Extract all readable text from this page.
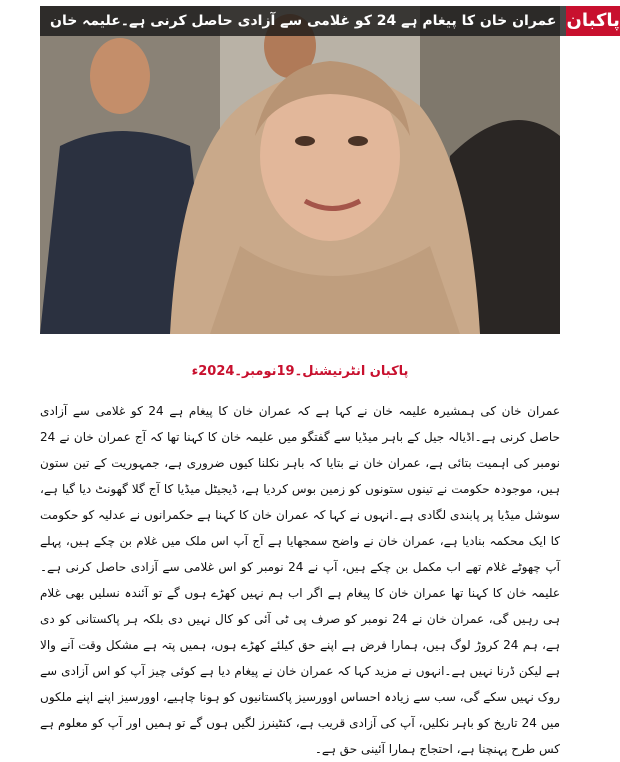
عمران خان کا پیغام ہے 24 کو غلامی سے آزادی حاصل کرنی ہے۔علیمہ خان پاکبان
پاکبان انٹرنیشنل۔19نومبر۔2024ء
عمران خان کی ہمشیرہ علیمہ خان نے کہا ہے کہ عمران خان کا پیغام ہے 24 کو غلامی سے آزادی حاصل کرنی ہے۔اڈیالہ جیل کے باہر میڈیا سے گفتگو میں علیمہ خان کا کہنا تھا کہ آج عمران خان نے 24 نومبر کی اہمیت بتائی ہے، عمران خان نے بتایا کہ باہر نکلنا کیوں ضروری ہے، جمہوریت کے تین ستون ہیں، موجودہ حکومت نے تینوں ستونوں کو زمین بوس کردیا ہے، ڈیجیٹل میڈیا کا آج گلا گھونٹ دیا گیا ہے، سوشل میڈیا پر پابندی لگادی ہے۔انہوں نے کہا کہ عمران خان کا کہنا ہے حکمرانوں نے عدلیہ کو حکومت کا ایک محکمہ بنادیا ہے، عمران خان نے واضح سمجھایا ہے آج آپ اس ملک میں غلام بن چکے ہیں، پہلے آپ چھوٹے غلام تھے اب مکمل بن چکے ہیں، آپ نے 24 نومبر کو اس غلامی سے آزادی حاصل کرنی ہے۔علیمہ خان کا کہنا تھا عمران خان کا پیغام ہے اگر اب ہم نہیں کھڑے ہوں گے تو آئندہ نسلیں بھی غلام ہی رہیں گی، عمران خان نے 24 نومبر کو صرف پی ٹی آئی کو کال نہیں دی بلکہ ہر پاکستانی کو دی ہے، ہم 24 کروڑ لوگ ہیں، ہمارا فرض ہے اپنے حق کیلئے کھڑے ہوں، ہمیں پتہ ہے مشکل وقت آنے والا ہے لیکن ڈرنا نہیں ہے۔انہوں نے مزید کہا کہ عمران خان نے پیغام دیا ہے کوئی چیز آپ کو اس آزادی سے روک نہیں سکے گی، سب سے زیادہ احساس اوورسیز پاکستانیوں کو ہونا چاہیے، اوورسیز اپنے اپنے ملکوں میں 24 تاریخ کو باہر نکلیں، آپ کی آزادی قریب ہے، کنٹینرز لگیں ہوں گے تو ہمیں اور آپ کو معلوم ہے کس طرح پہنچنا ہے، احتجاج ہمارا آئینی حق ہے۔
